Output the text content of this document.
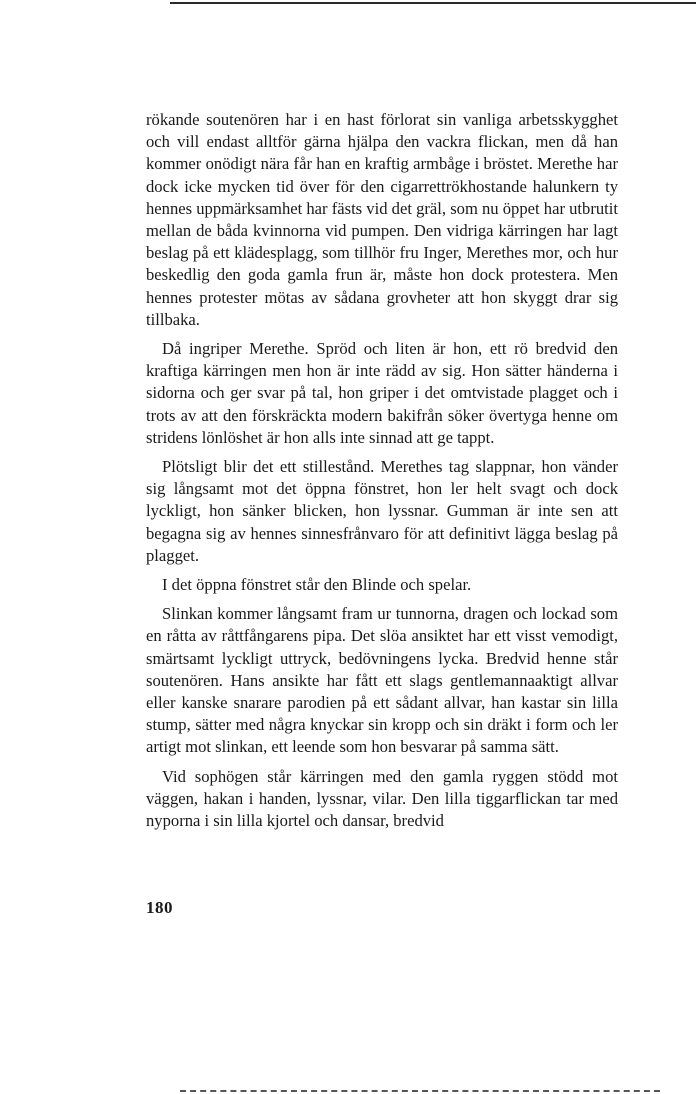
rökande soutenören har i en hast förlorat sin vanliga arbetsskygghet och vill endast alltför gärna hjälpa den vackra flickan, men då han kommer onödigt nära får han en kraftig armbåge i bröstet. Merethe har dock icke mycken tid över för den cigarrettrökhostande halunkern ty hennes uppmärksamhet har fästs vid det gräl, som nu öppet har utbrutit mellan de båda kvinnorna vid pumpen. Den vidriga kärringen har lagt beslag på ett klädesplagg, som tillhör fru Inger, Merethes mor, och hur beskedlig den goda gamla frun är, måste hon dock protestera. Men hennes protester mötas av sådana grovheter att hon skyggt drar sig tillbaka.

Då ingriper Merethe. Spröd och liten är hon, ett rö bredvid den kraftiga kärringen men hon är inte rädd av sig. Hon sätter händerna i sidorna och ger svar på tal, hon griper i det omtvistade plagget och i trots av att den förskräckta modern bakifrån söker övertyga henne om stridens lönlöshet är hon alls inte sinnad att ge tappt.

Plötsligt blir det ett stillestånd. Merethes tag slappnar, hon vänder sig långsamt mot det öppna fönstret, hon ler helt svagt och dock lyckligt, hon sänker blicken, hon lyssnar. Gumman är inte sen att begagna sig av hennes sinnesfrånvaro för att definitivt lägga beslag på plagget.

I det öppna fönstret står den Blinde och spelar.

Slinkan kommer långsamt fram ur tunnorna, dragen och lockad som en råtta av råttfångarens pipa. Det slöa ansiktet har ett visst vemodigt, smärtsamt lyckligt uttryck, bedövningens lycka. Bredvid henne står soutenören. Hans ansikte har fått ett slags gentlemannaaktigt allvar eller kanske snarare parodien på ett sådant allvar, han kastar sin lilla stump, sätter med några knyckar sin kropp och sin dräkt i form och ler artigt mot slinkan, ett leende som hon besvarar på samma sätt.

Vid sophögen står kärringen med den gamla ryggen stödd mot väggen, hakan i handen, lyssnar, vilar. Den lilla tiggarflickan tar med nyporna i sin lilla kjortel och dansar, bredvid

180
